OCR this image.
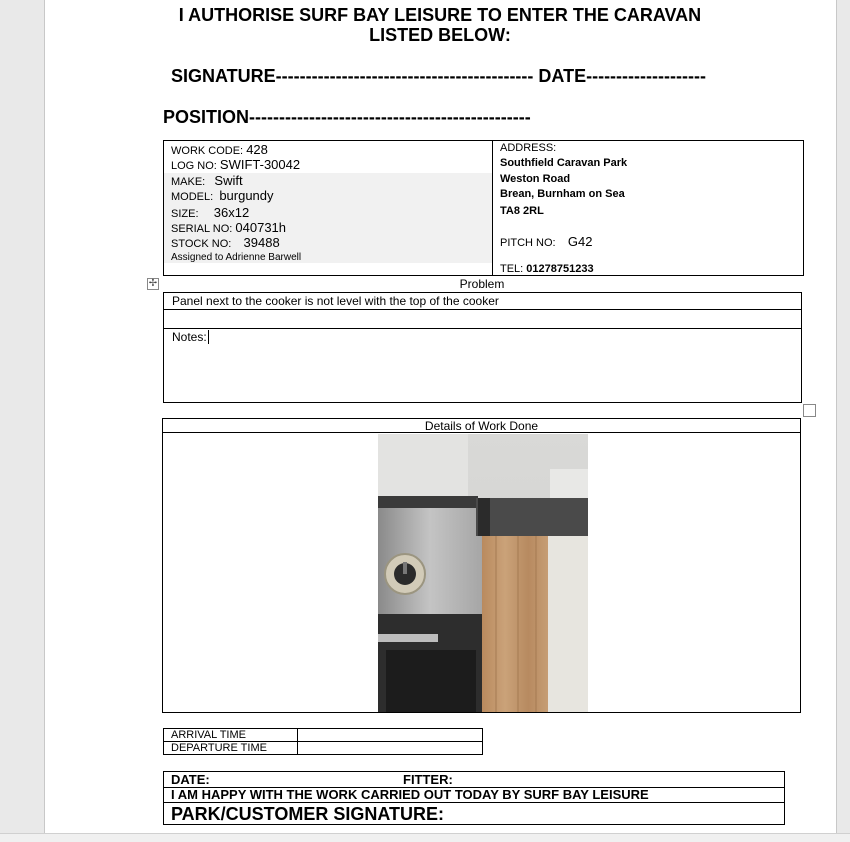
I AUTHORISE SURF BAY LEISURE TO ENTER THE CARAVAN
LISTED BELOW:
SIGNATURE------------------------------------------- DATE--------------------
POSITION-----------------------------------------------
WORK CODE: 428
LOG NO: SWIFT-30042
MAKE: Swift
MODEL: burgundy
SIZE: 36x12
SERIAL NO: 040731h
STOCK NO: 39488
Assigned to Adrienne Barwell
ADDRESS:
Southfield Caravan Park
Weston Road
Brean, Burnham on Sea
TA8 2RL
PITCH NO: G42
TEL: 01278751233
✢	Problem
Panel next to the cooker is not level with the top of the cooker
Notes:
Details of Work Done
ARRIVAL TIME	
DEPARTURE TIME	
DATE:	FITTER:
I AM HAPPY WITH THE WORK CARRIED OUT TODAY BY SURF BAY LEISURE
PARK/CUSTOMER SIGNATURE:
